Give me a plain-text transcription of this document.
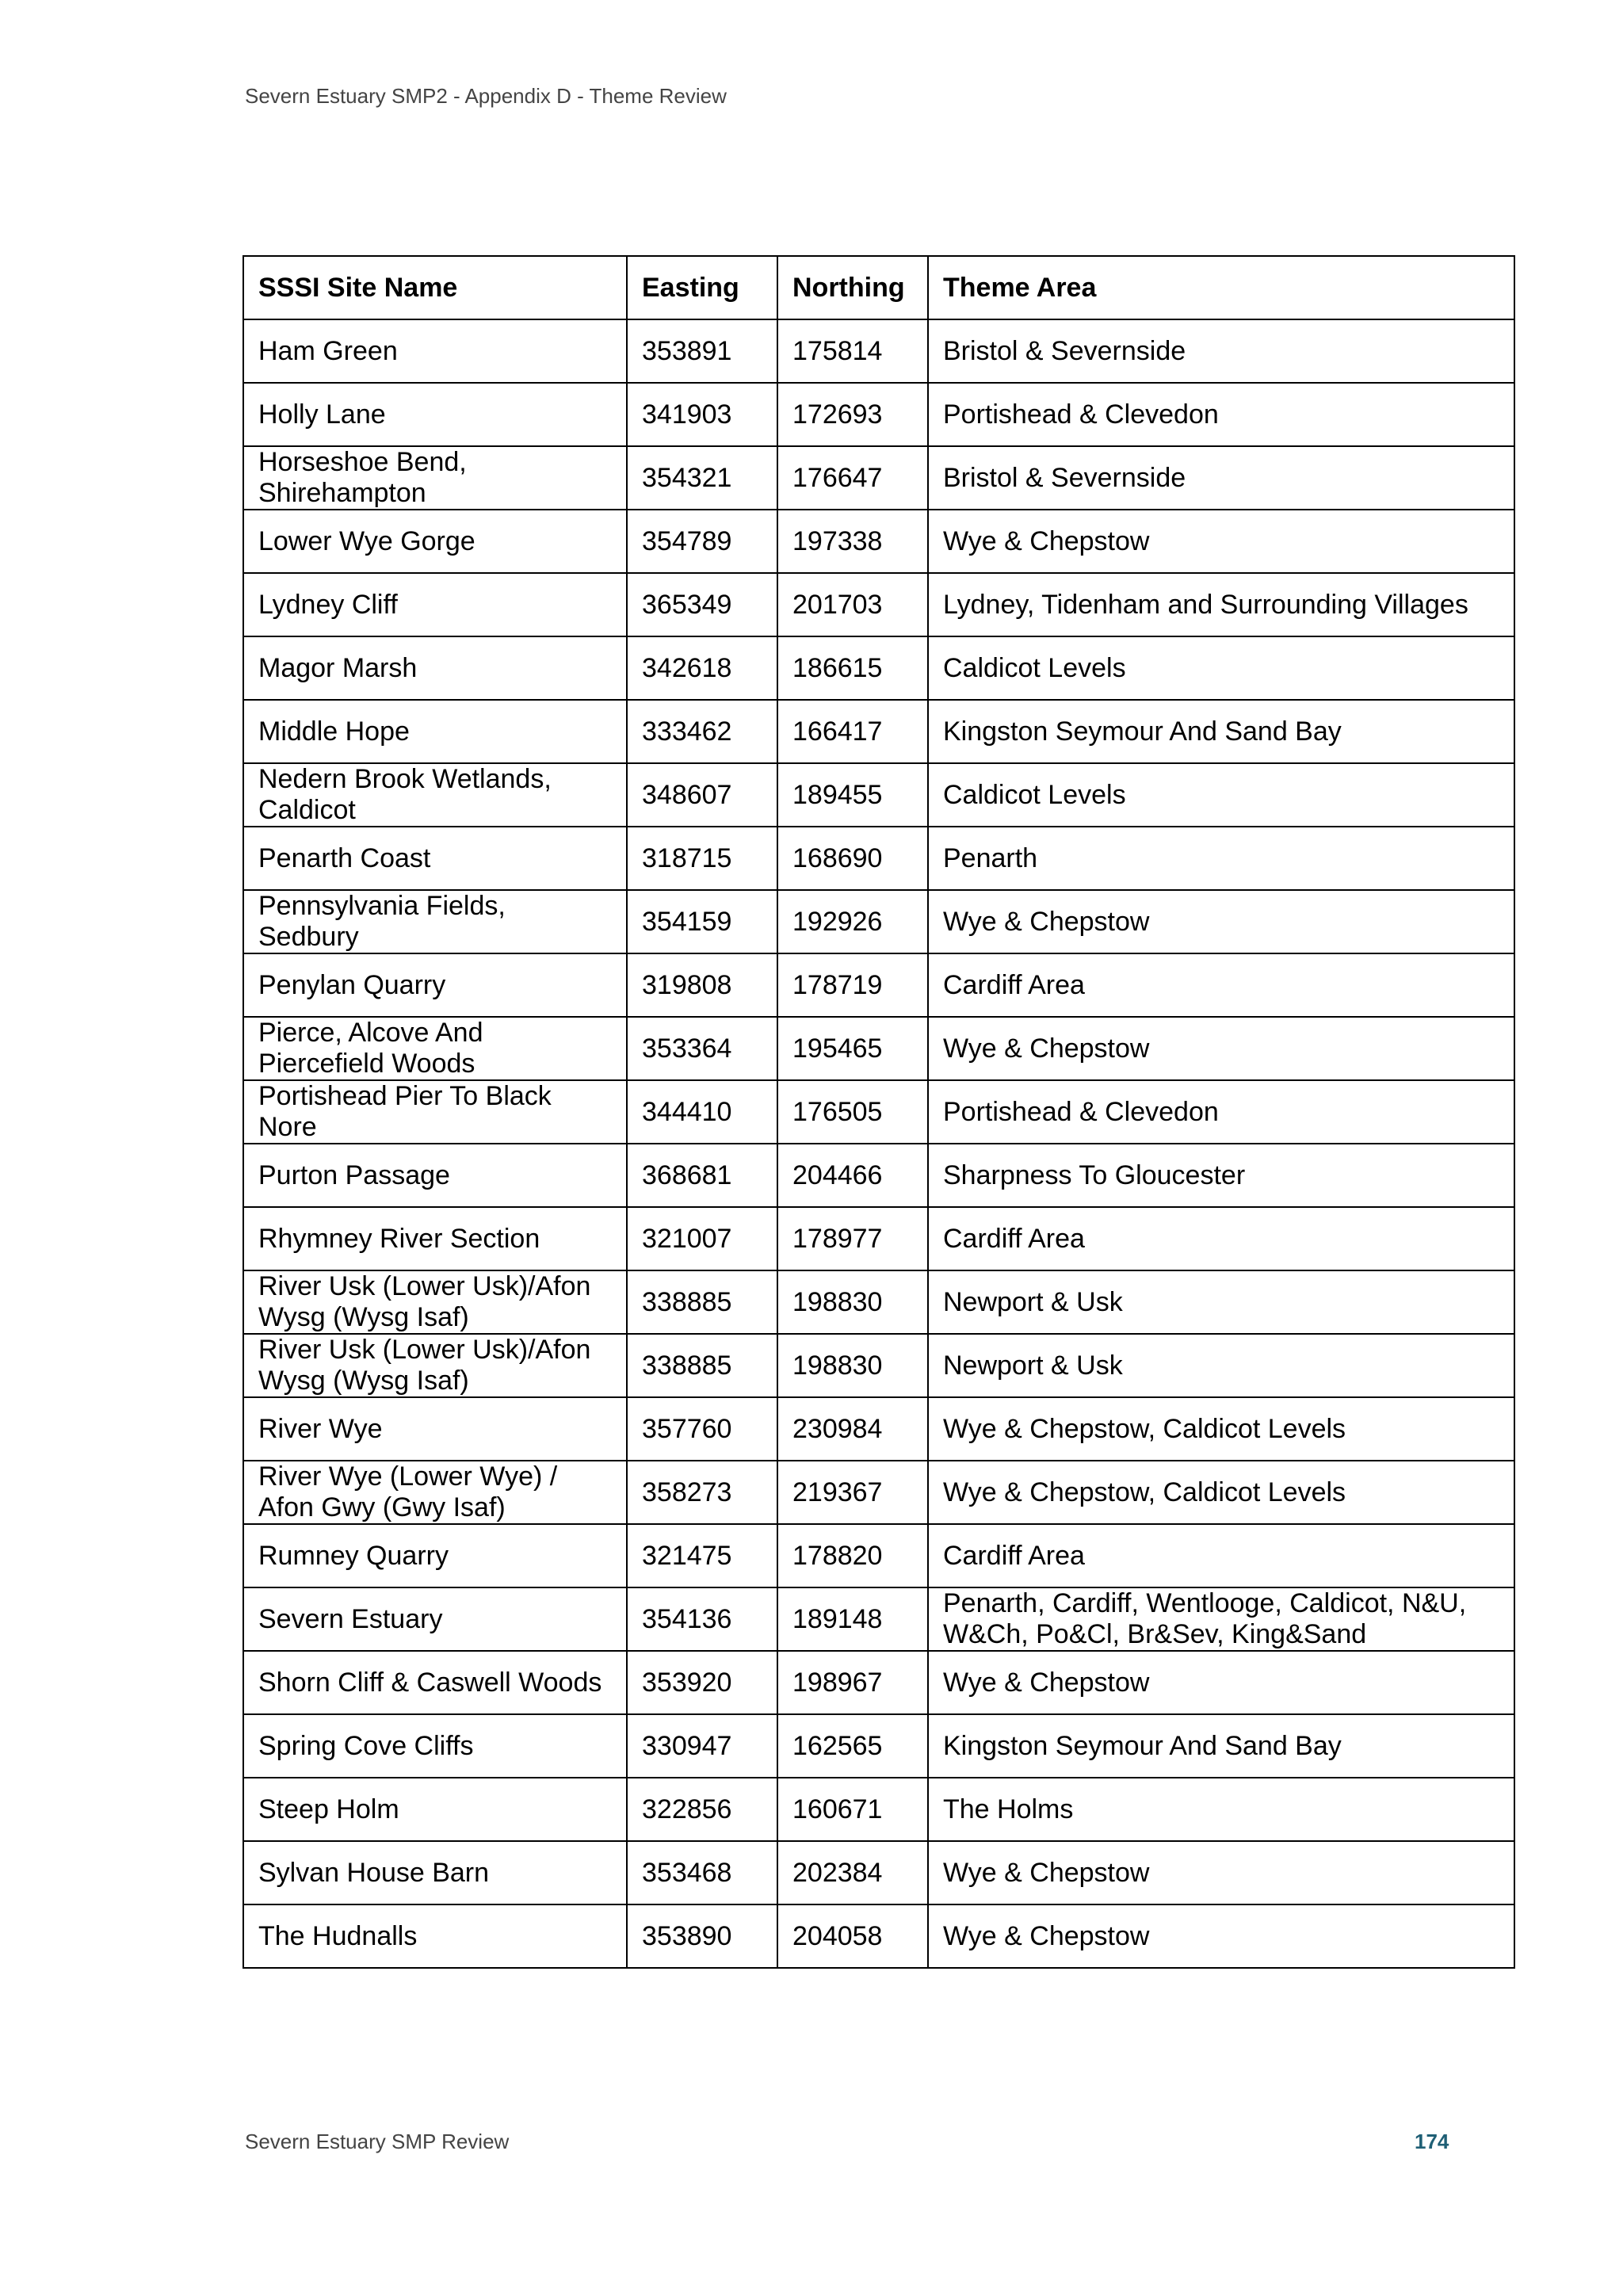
Severn Estuary SMP2 - Appendix D - Theme Review
SSSI Site Name	Easting	Northing	Theme Area
Ham Green	353891	175814	Bristol & Severnside
Holly Lane	341903	172693	Portishead & Clevedon
Horseshoe Bend, Shirehampton	354321	176647	Bristol & Severnside
Lower Wye Gorge	354789	197338	Wye & Chepstow
Lydney Cliff	365349	201703	Lydney, Tidenham and Surrounding Villages
Magor Marsh	342618	186615	Caldicot Levels
Middle Hope	333462	166417	Kingston Seymour And Sand Bay
Nedern Brook Wetlands, Caldicot	348607	189455	Caldicot Levels
Penarth Coast	318715	168690	Penarth
Pennsylvania Fields, Sedbury	354159	192926	Wye & Chepstow
Penylan Quarry	319808	178719	Cardiff Area
Pierce, Alcove And Piercefield Woods	353364	195465	Wye & Chepstow
Portishead Pier To Black Nore	344410	176505	Portishead & Clevedon
Purton Passage	368681	204466	Sharpness To Gloucester
Rhymney River Section	321007	178977	Cardiff Area
River Usk (Lower Usk)/Afon Wysg (Wysg Isaf)	338885	198830	Newport & Usk
River Usk (Lower Usk)/Afon Wysg (Wysg Isaf)	338885	198830	Newport & Usk
River Wye	357760	230984	Wye & Chepstow, Caldicot Levels
River Wye (Lower Wye) / Afon Gwy (Gwy Isaf)	358273	219367	Wye & Chepstow, Caldicot Levels
Rumney Quarry	321475	178820	Cardiff Area
Severn Estuary	354136	189148	Penarth, Cardiff, Wentlooge, Caldicot, N&U, W&Ch, Po&Cl, Br&Sev, King&Sand
Shorn Cliff & Caswell Woods	353920	198967	Wye & Chepstow
Spring Cove Cliffs	330947	162565	Kingston Seymour And Sand Bay
Steep Holm	322856	160671	The Holms
Sylvan House Barn	353468	202384	Wye & Chepstow
The Hudnalls	353890	204058	Wye & Chepstow
Severn Estuary SMP Review	174
